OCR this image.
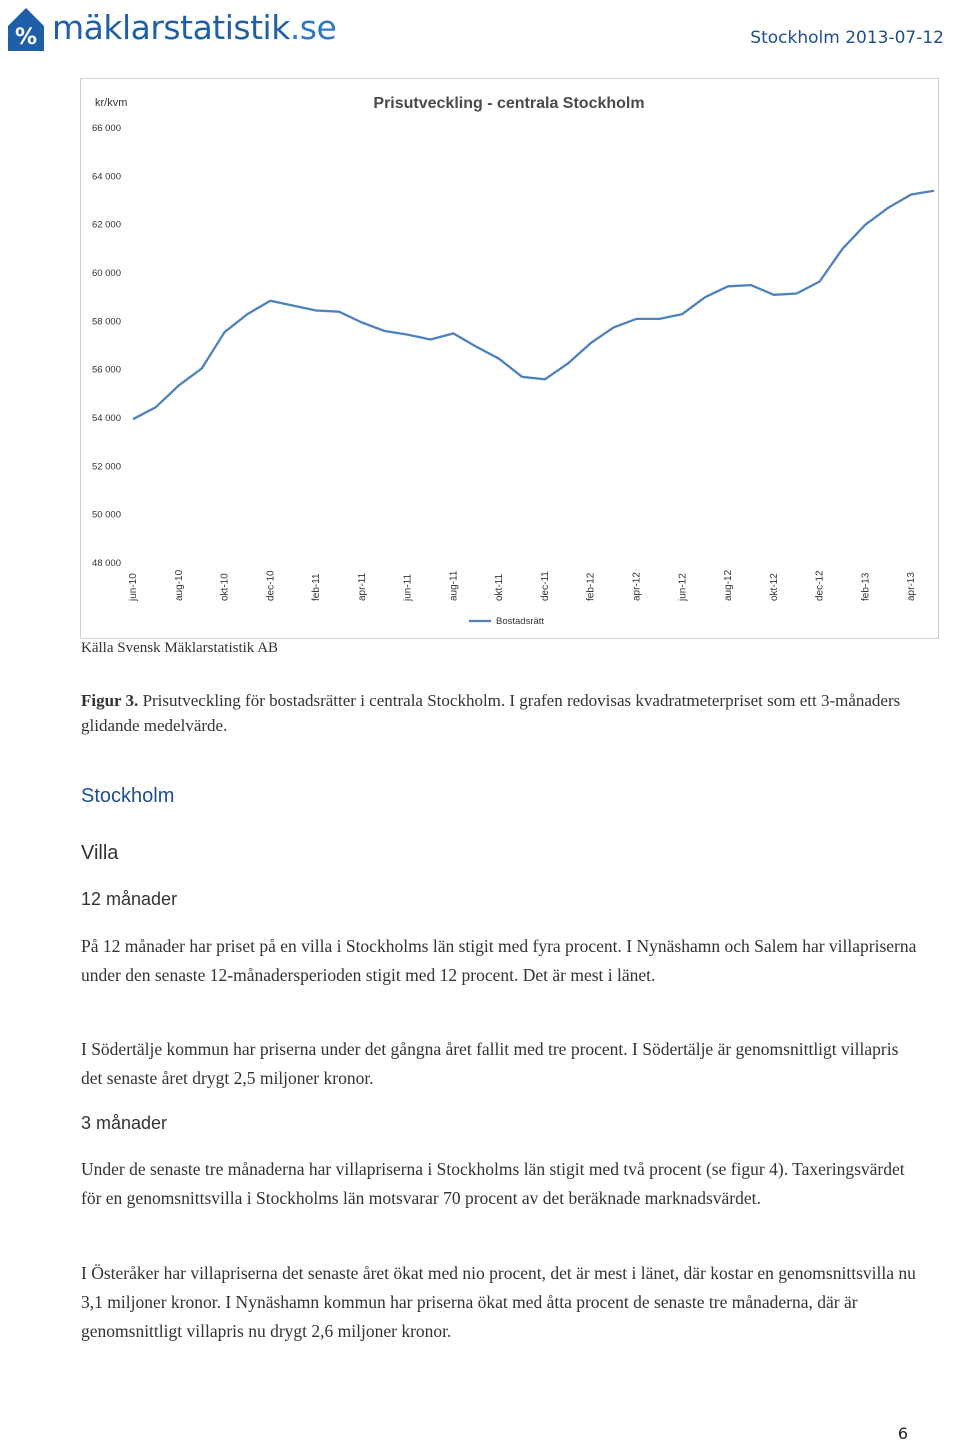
% mäklarstatistik.se	Stockholm 2013-07-12
Prisutveckling - centrala Stockholm
kr/kvm
48 000
50 000
52 000
54 000
56 000
58 000
60 000
62 000
64 000
66 000
jun-10	aug-10	okt-10	dec-10	feb-11	apr-11	jun-11	aug-11	okt-11	dec-11	feb-12	apr-12	jun-12	aug-12	okt-12	dec-12	feb-13	apr-13
Bostadsrätt
Källa Svensk Mäklarstatistik AB
Figur 3. Prisutveckling för bostadsrätter i centrala Stockholm. I grafen redovisas kvadratmeterpriset som ett 3-månaders glidande medelvärde.
Stockholm
Villa
12 månader
På 12 månader har priset på en villa i Stockholms län stigit med fyra procent. I Nynäshamn och Salem har villapriserna under den senaste 12-månadersperioden stigit med 12 procent. Det är mest i länet.
I Södertälje kommun har priserna under det gångna året fallit med tre procent. I Södertälje är genomsnittligt villapris det senaste året drygt 2,5 miljoner kronor.
3 månader
Under de senaste tre månaderna har villapriserna i Stockholms län stigit med två procent (se figur 4). Taxeringsvärdet för en genomsnittsvilla i Stockholms län motsvarar 70 procent av det beräknade marknadsvärdet.
I Österåker har villapriserna det senaste året ökat med nio procent, det är mest i länet, där kostar en genomsnittsvilla nu 3,1 miljoner kronor. I Nynäshamn kommun har priserna ökat med åtta procent de senaste tre månaderna, där är genomsnittligt villapris nu drygt 2,6 miljoner kronor.
6
